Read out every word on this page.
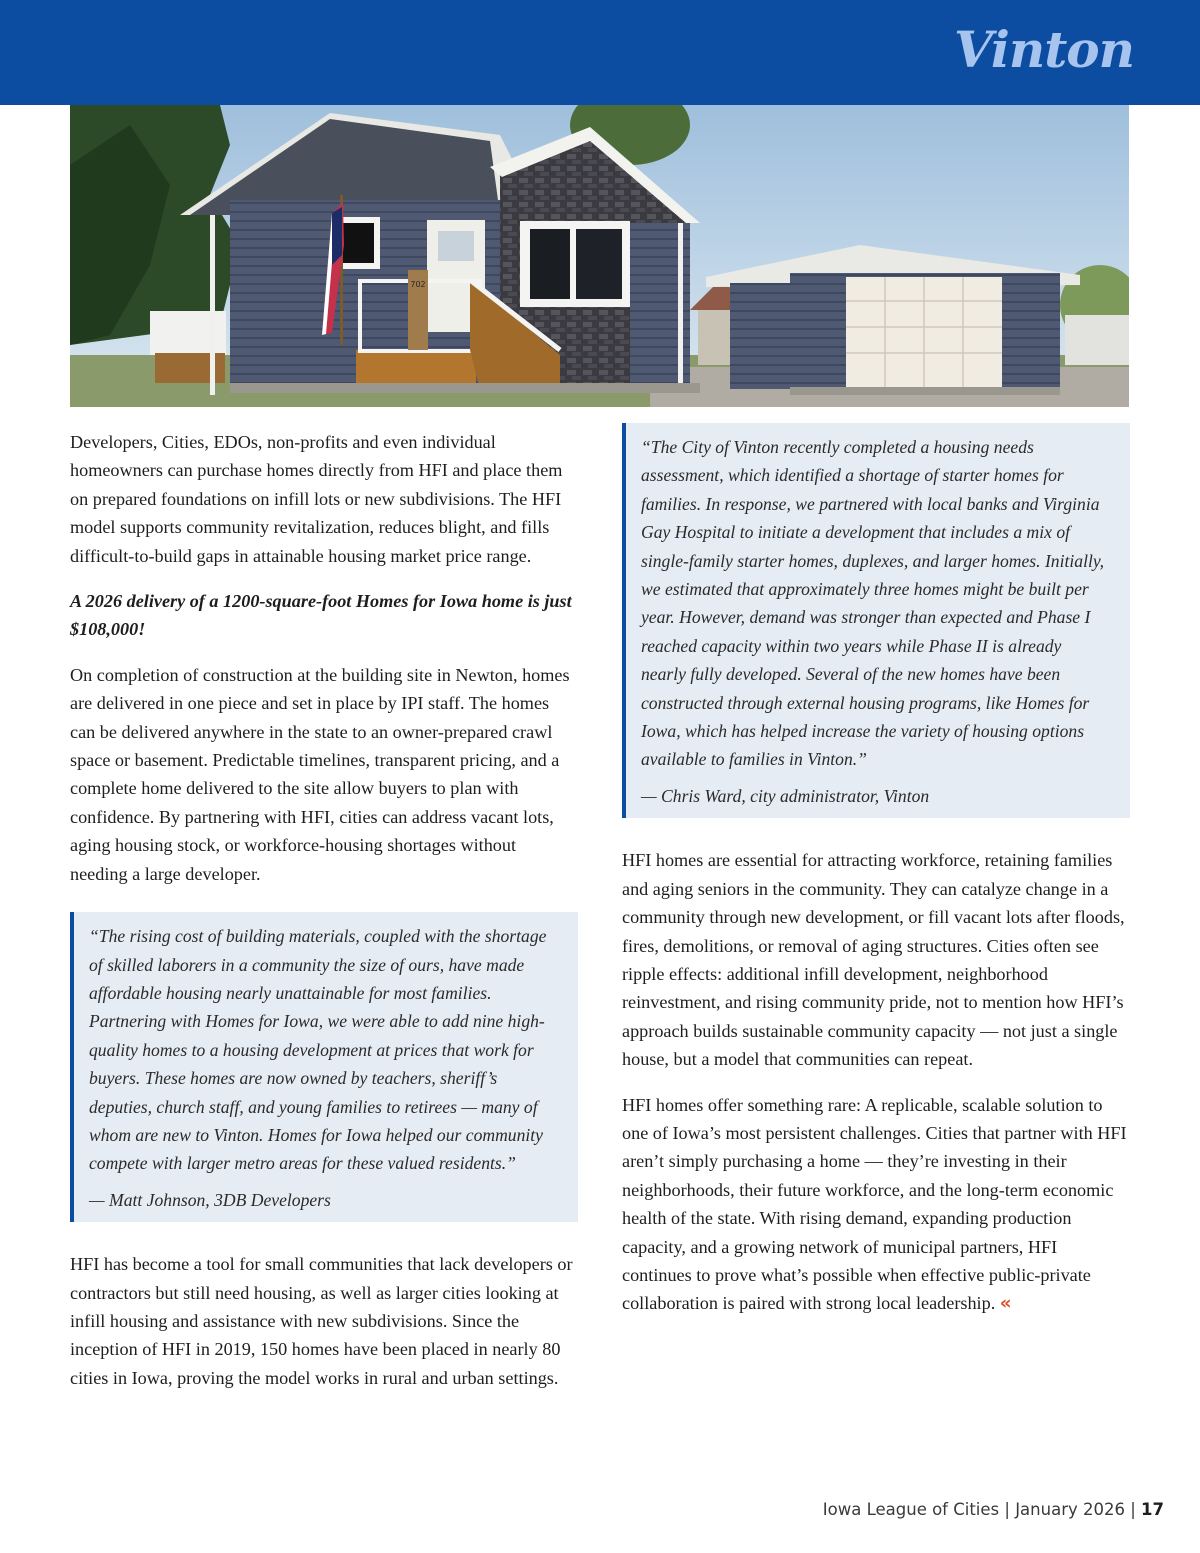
Vinton
702

Developers, Cities, EDOs, non-profits and even individual homeowners can purchase homes directly from HFI and place them on prepared foundations on infill lots or new subdivisions. The HFI model supports community revitalization, reduces blight, and fills difficult-to-build gaps in attainable housing market price range.

A 2026 delivery of a 1200-square-foot Homes for Iowa home is just $108,000!

On completion of construction at the building site in Newton, homes are delivered in one piece and set in place by IPI staff. The homes can be delivered anywhere in the state to an owner-prepared crawl space or basement. Predictable timelines, transparent pricing, and a complete home delivered to the site allow buyers to plan with confidence. By partnering with HFI, cities can address vacant lots, aging housing stock, or workforce-housing shortages without needing a large developer.

“The rising cost of building materials, coupled with the shortage of skilled laborers in a community the size of ours, have made affordable housing nearly unattainable for most families. Partnering with Homes for Iowa, we were able to add nine high-quality homes to a housing development at prices that work for buyers. These homes are now owned by teachers, sheriff’s deputies, church staff, and young families to retirees — many of whom are new to Vinton. Homes for Iowa helped our community compete with larger metro areas for these valued residents.”

— Matt Johnson, 3DB Developers

HFI has become a tool for small communities that lack developers or contractors but still need housing, as well as larger cities looking at infill housing and assistance with new subdivisions. Since the inception of HFI in 2019, 150 homes have been placed in nearly 80 cities in Iowa, proving the model works in rural and urban settings.

“The City of Vinton recently completed a housing needs assessment, which identified a shortage of starter homes for families. In response, we partnered with local banks and Virginia Gay Hospital to initiate a development that includes a mix of single-family starter homes, duplexes, and larger homes. Initially, we estimated that approximately three homes might be built per year. However, demand was stronger than expected and Phase I reached capacity within two years while Phase II is already nearly fully developed. Several of the new homes have been constructed through external housing programs, like Homes for Iowa, which has helped increase the variety of housing options available to families in Vinton.”

— Chris Ward, city administrator, Vinton

HFI homes are essential for attracting workforce, retaining families and aging seniors in the community. They can catalyze change in a community through new development, or fill vacant lots after floods, fires, demolitions, or removal of aging structures. Cities often see ripple effects: additional infill development, neighborhood reinvestment, and rising community pride, not to mention how HFI’s approach builds sustainable community capacity — not just a single house, but a model that communities can repeat.

HFI homes offer something rare: A replicable, scalable solution to one of Iowa’s most persistent challenges. Cities that partner with HFI aren’t simply purchasing a home — they’re investing in their neighborhoods, their future workforce, and the long-term economic health of the state. With rising demand, expanding production capacity, and a growing network of municipal partners, HFI continues to prove what’s possible when effective public-private collaboration is paired with strong local leadership. «

Iowa League of Cities | January 2026 | 17
